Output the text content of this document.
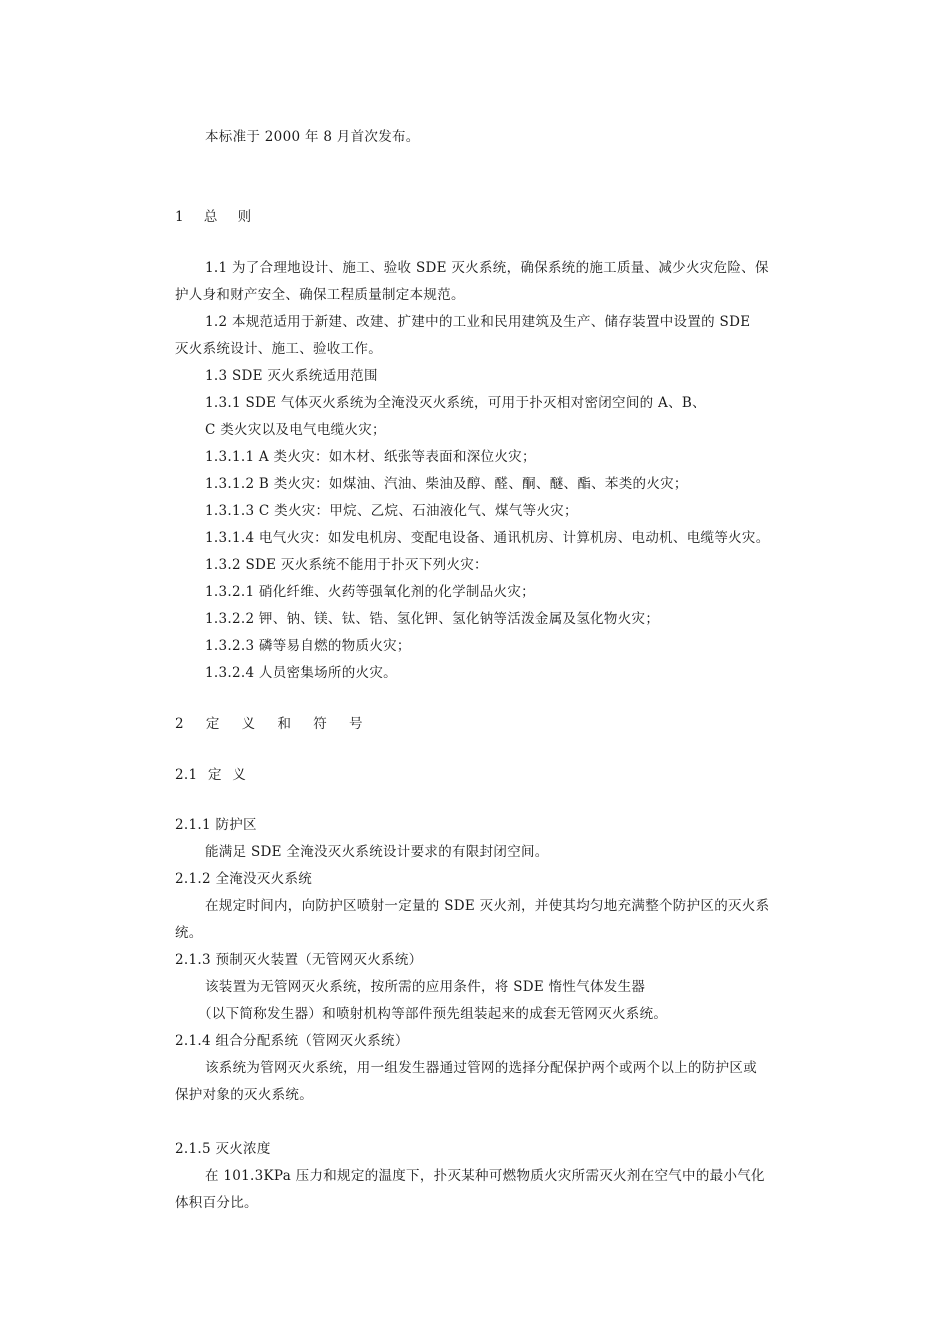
本标准于 2000 年 8 月首次发布。
1 总 则
1.1 为了合理地设计、施工、验收 SDE 灭火系统，确保系统的施工质量、减少火灾危险、保
护人身和财产安全、确保工程质量制定本规范。
1.2 本规范适用于新建、改建、扩建中的工业和民用建筑及生产、储存装置中设置的 SDE
灭火系统设计、施工、验收工作。
1.3 SDE 灭火系统适用范围
1.3.1 SDE 气体灭火系统为全淹没灭火系统，可用于扑灭相对密闭空间的 A、B、
C 类火灾以及电气电缆火灾；
1.3.1.1 A 类火灾：如木材、纸张等表面和深位火灾；
1.3.1.2 B 类火灾：如煤油、汽油、柴油及醇、醛、酮、醚、酯、苯类的火灾；
1.3.1.3 C 类火灾：甲烷、乙烷、石油液化气、煤气等火灾；
1.3.1.4 电气火灾：如发电机房、变配电设备、通讯机房、计算机房、电动机、电缆等火灾。
1.3.2 SDE 灭火系统不能用于扑灭下列火灾：
1.3.2.1 硝化纤维、火药等强氧化剂的化学制品火灾；
1.3.2.2 钾、钠、镁、钛、锆、氢化钾、氢化钠等活泼金属及氢化物火灾；
1.3.2.3 磷等易自燃的物质火灾；
1.3.2.4 人员密集场所的火灾。
2 定 义 和 符 号
2.1 定 义
2.1.1 防护区
能满足 SDE 全淹没灭火系统设计要求的有限封闭空间。
2.1.2 全淹没灭火系统
在规定时间内，向防护区喷射一定量的 SDE 灭火剂，并使其均匀地充满整个防护区的灭火系
统。
2.1.3 预制灭火装置（无管网灭火系统）
该装置为无管网灭火系统，按所需的应用条件，将 SDE 惰性气体发生器
（以下简称发生器）和喷射机构等部件预先组装起来的成套无管网灭火系统。
2.1.4 组合分配系统（管网灭火系统）
该系统为管网灭火系统，用一组发生器通过管网的选择分配保护两个或两个以上的防护区或
保护对象的灭火系统。
2.1.5 灭火浓度
在 101.3KPa 压力和规定的温度下，扑灭某种可燃物质火灾所需灭火剂在空气中的最小气化
体积百分比。
